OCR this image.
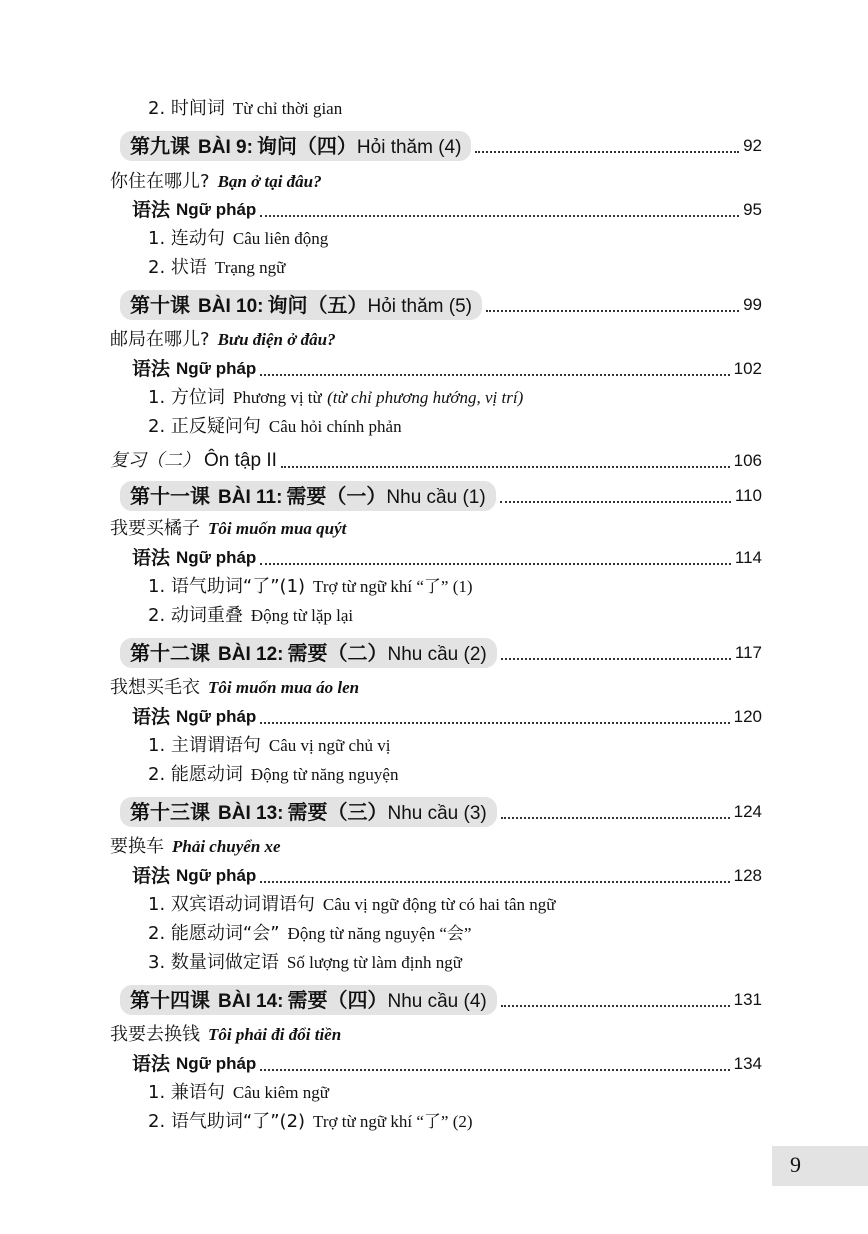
2. 时间词 Từ chỉ thời gian
第九课 BÀI 9: 询问（四）Hỏi thăm (4)	92
你住在哪儿? Bạn ở tại đâu?
语法 Ngữ pháp	95
1. 连动句 Câu liên động
2. 状语 Trạng ngữ
第十课 BÀI 10: 询问（五）Hỏi thăm (5)	99
邮局在哪儿? Bưu điện ở đâu?
语法 Ngữ pháp	102
1. 方位词 Phương vị từ (từ chỉ phương hướng, vị trí)
2. 正反疑问句 Câu hỏi chính phản
复习（二） Ôn tập II	106
第十一课 BÀI 11: 需要（一）Nhu cầu (1)	110
我要买橘子 Tôi muốn mua quýt
语法 Ngữ pháp	114
1. 语气助词“了”(1) Trợ từ ngữ khí “了” (1)
2. 动词重叠 Động từ lặp lại
第十二课 BÀI 12: 需要（二）Nhu cầu (2)	117
我想买毛衣 Tôi muốn mua áo len
语法 Ngữ pháp	120
1. 主谓谓语句 Câu vị ngữ chủ vị
2. 能愿动词 Động từ năng nguyện
第十三课 BÀI 13: 需要（三）Nhu cầu (3)	124
要换车 Phải chuyển xe
语法 Ngữ pháp	128
1. 双宾语动词谓语句 Câu vị ngữ động từ có hai tân ngữ
2. 能愿动词“会” Động từ năng nguyện “会”
3. 数量词做定语 Số lượng từ làm định ngữ
第十四课 BÀI 14: 需要（四）Nhu cầu (4)	131
我要去换钱 Tôi phải đi đổi tiền
语法 Ngữ pháp	134
1. 兼语句 Câu kiêm ngữ
2. 语气助词“了”(2) Trợ từ ngữ khí “了” (2)
9
